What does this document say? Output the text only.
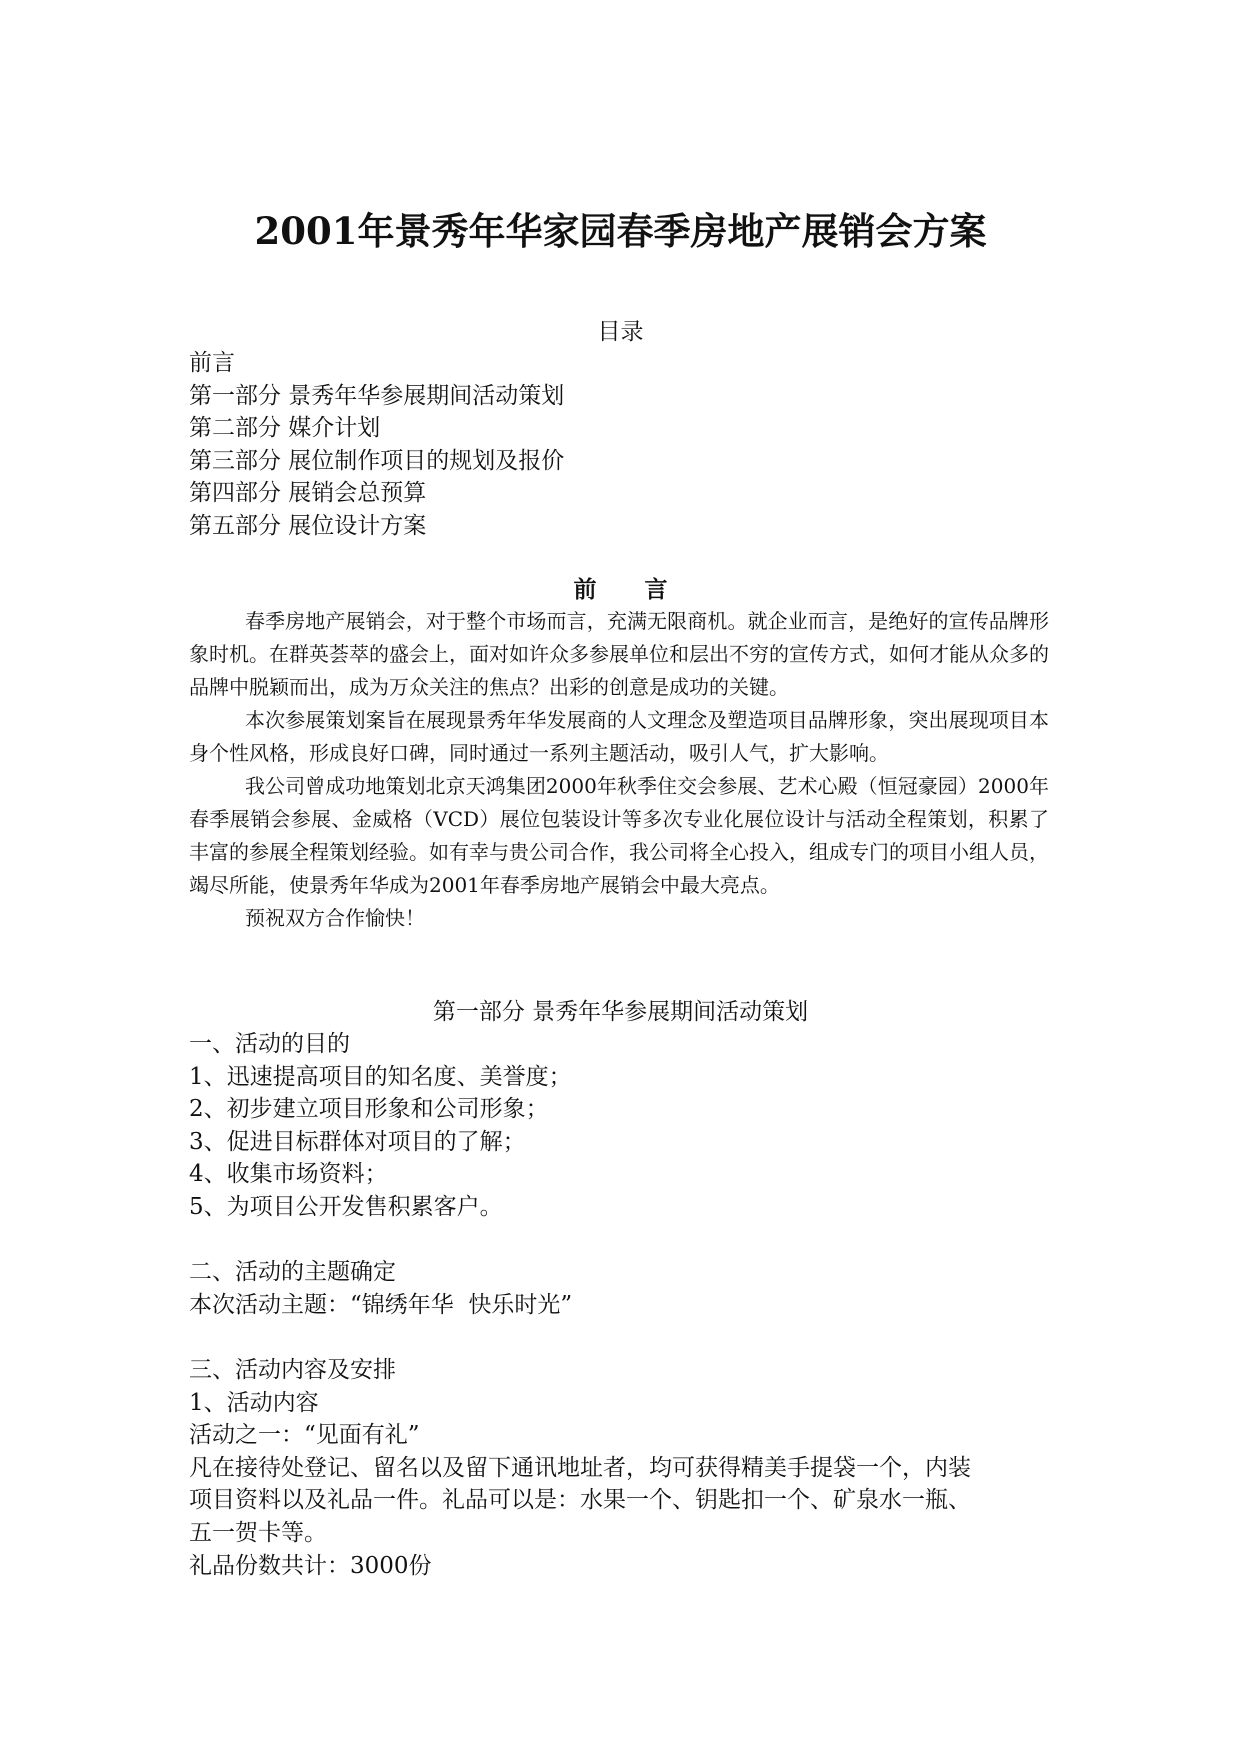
2001年景秀年华家园春季房地产展销会方案
目录
前言
第一部分 景秀年华参展期间活动策划
第二部分 媒介计划
第三部分 展位制作项目的规划及报价
第四部分 展销会总预算
第五部分 展位设计方案
前言

春季房地产展销会，对于整个市场而言，充满无限商机。就企业而言，是绝好的宣传品牌形象时机。在群英荟萃的盛会上，面对如许众多参展单位和层出不穷的宣传方式，如何才能从众多的品牌中脱颖而出，成为万众关注的焦点？出彩的创意是成功的关键。

本次参展策划案旨在展现景秀年华发展商的人文理念及塑造项目品牌形象，突出展现项目本身个性风格，形成良好口碑，同时通过一系列主题活动，吸引人气，扩大影响。

我公司曾成功地策划北京天鸿集团2000年秋季住交会参展、艺术心殿（恒冠豪园）2000年春季展销会参展、金威格（VCD）展位包装设计等多次专业化展位设计与活动全程策划，积累了丰富的参展全程策划经验。如有幸与贵公司合作，我公司将全心投入，组成专门的项目小组人员，竭尽所能，使景秀年华成为2001年春季房地产展销会中最大亮点。

预祝双方合作愉快！

第一部分 景秀年华参展期间活动策划
一、活动的目的
1、迅速提高项目的知名度、美誉度；
2、初步建立项目形象和公司形象；
3、促进目标群体对项目的了解；
4、收集市场资料；
5、为项目公开发售积累客户。
二、活动的主题确定
本次活动主题：“锦绣年华  快乐时光”
三、活动内容及安排
1、活动内容
活动之一：“见面有礼”
凡在接待处登记、留名以及留下通讯地址者，均可获得精美手提袋一个，内装
项目资料以及礼品一件。礼品可以是：水果一个、钥匙扣一个、矿泉水一瓶、
五一贺卡等。
礼品份数共计：3000份
